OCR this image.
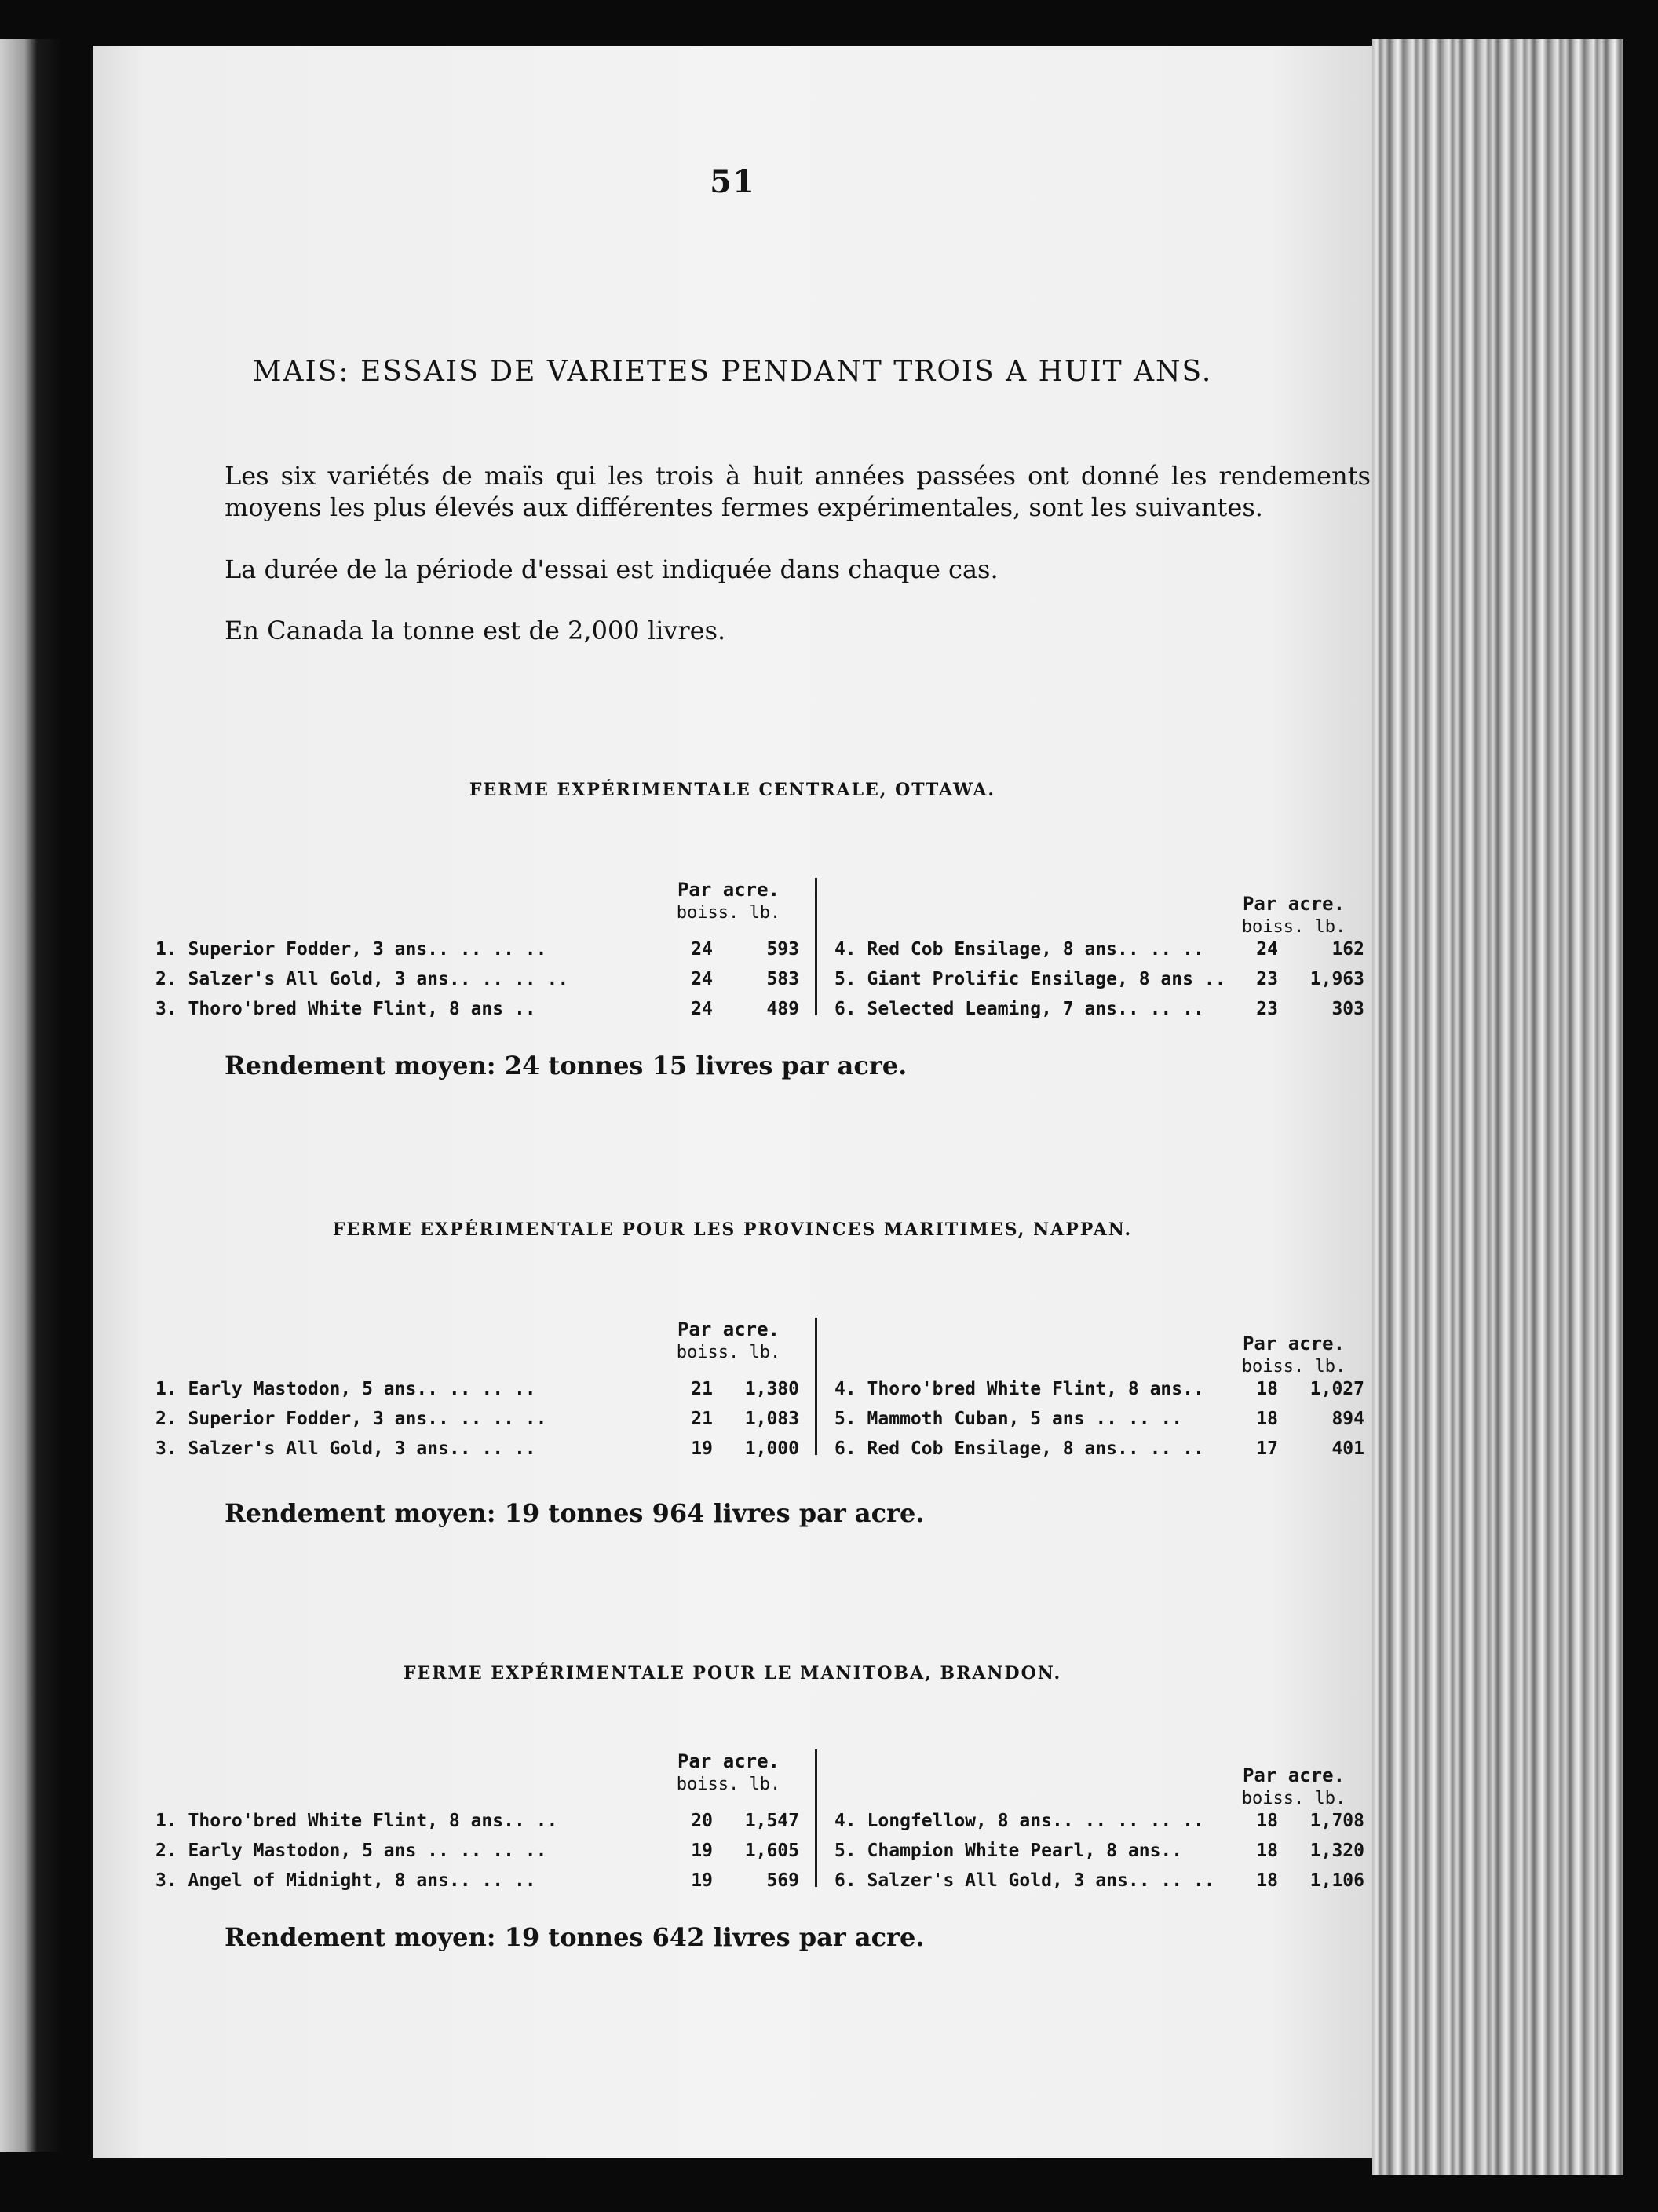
51
MAIS: ESSAIS DE VARIETES PENDANT TROIS A HUIT ANS.

Les six variétés de maïs qui les trois à huit années passées ont donné les rendements moyens les plus élevés aux différentes fermes expérimentales, sont les suivantes.

La durée de la période d'essai est indiquée dans chaque cas.

En Canada la tonne est de 2,000 livres.

FERME EXPÉRIMENTALE CENTRALE, OTTAWA.
Par acre.
boiss. lb.	Par acre.
boiss. lb.
1. Superior Fodder, 3 ans.. .. .. ..	24	593
2. Salzer's All Gold, 3 ans.. .. .. ..	24	583
3. Thoro'bred White Flint, 8 ans ..	24	489
4. Red Cob Ensilage, 8 ans.. .. ..	24	162
5. Giant Prolific Ensilage, 8 ans ..	23	1,963
6. Selected Leaming, 7 ans.. .. ..	23	303
Rendement moyen: 24 tonnes 15 livres par acre.
FERME EXPÉRIMENTALE POUR LES PROVINCES MARITIMES, NAPPAN.
Par acre.
boiss. lb.	Par acre.
boiss. lb.
1. Early Mastodon, 5 ans.. .. .. ..	21	1,380
2. Superior Fodder, 3 ans.. .. .. ..	21	1,083
3. Salzer's All Gold, 3 ans.. .. ..	19	1,000
4. Thoro'bred White Flint, 8 ans..	18	1,027
5. Mammoth Cuban, 5 ans .. .. ..	18	894
6. Red Cob Ensilage, 8 ans.. .. ..	17	401
Rendement moyen: 19 tonnes 964 livres par acre.
FERME EXPÉRIMENTALE POUR LE MANITOBA, BRANDON.
Par acre.
boiss. lb.	Par acre.
boiss. lb.
1. Thoro'bred White Flint, 8 ans.. ..	20	1,547
2. Early Mastodon, 5 ans .. .. .. ..	19	1,605
3. Angel of Midnight, 8 ans.. .. ..	19	569
4. Longfellow, 8 ans.. .. .. .. ..	18	1,708
5. Champion White Pearl, 8 ans..	18	1,320
6. Salzer's All Gold, 3 ans.. .. ..	18	1,106
Rendement moyen: 19 tonnes 642 livres par acre.
